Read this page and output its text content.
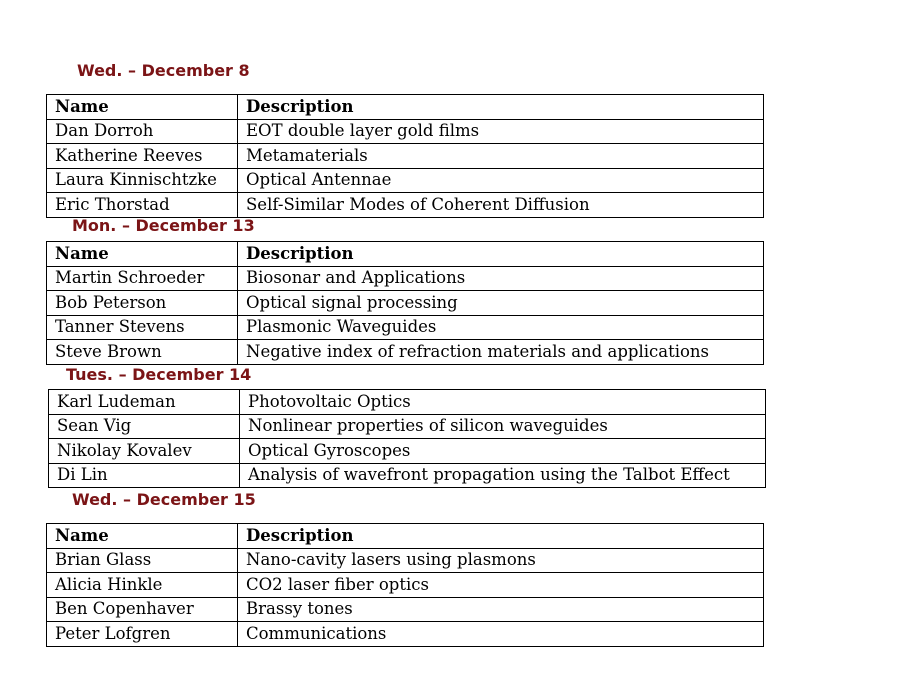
Wed. – December 8
Name	Description
Dan Dorroh	EOT double layer gold films
Katherine Reeves	Metamaterials
Laura Kinnischtzke	Optical Antennae
Eric Thorstad	Self-Similar Modes of Coherent Diffusion
Mon. – December 13
Name	Description
Martin Schroeder	Biosonar and Applications
Bob Peterson	Optical signal processing
Tanner Stevens	Plasmonic Waveguides
Steve Brown	Negative index of refraction materials and applications
Tues. – December 14
Karl Ludeman	Photovoltaic Optics
Sean Vig	Nonlinear properties of silicon waveguides
Nikolay Kovalev	Optical Gyroscopes
Di Lin	Analysis of wavefront propagation using the Talbot Effect
Wed. – December 15
Name	Description
Brian Glass	Nano-cavity lasers using plasmons
Alicia Hinkle	CO2 laser fiber optics
Ben Copenhaver	Brassy tones
Peter Lofgren	Communications
